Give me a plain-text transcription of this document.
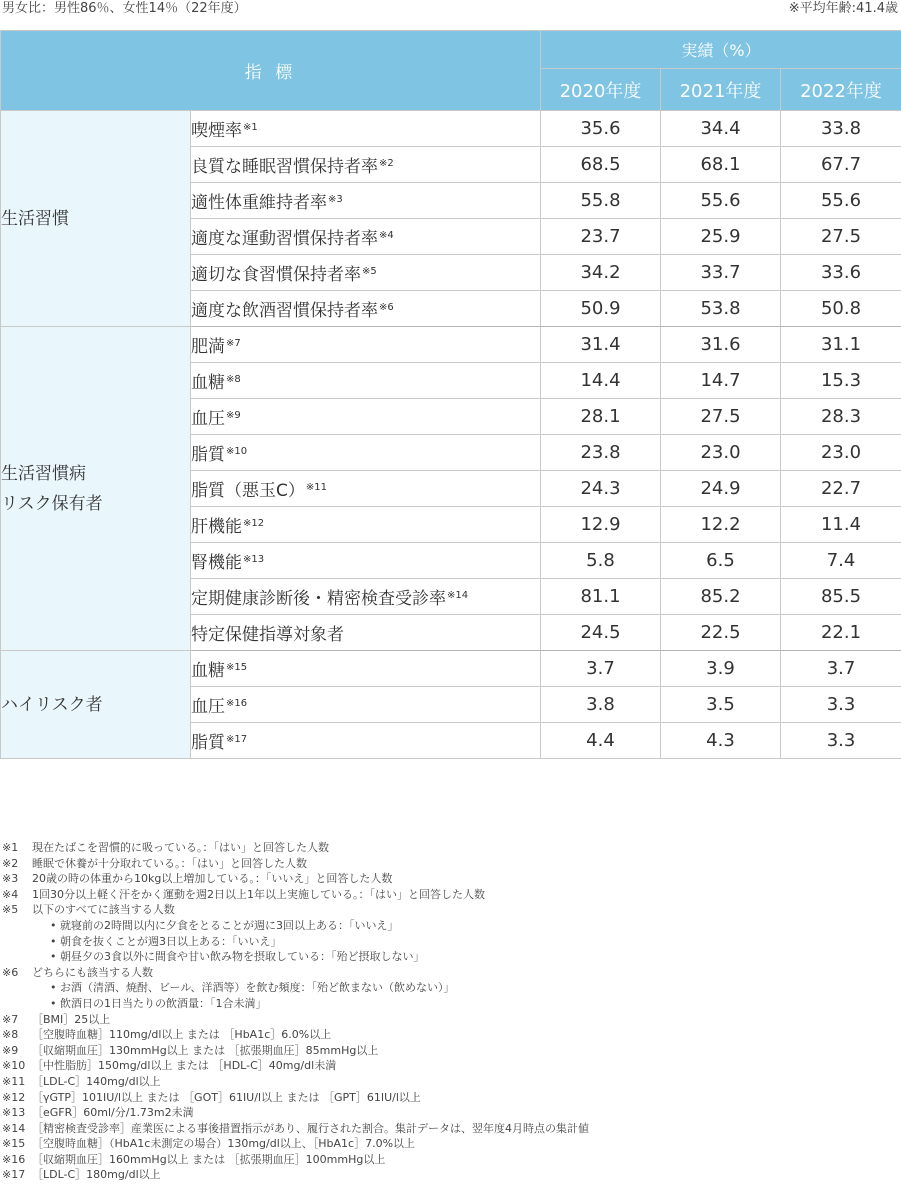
男女比：男性86％、女性14％（22年度）	※平均年齢:41.4歳
指 標		実績（%）		
		2020年度	2021年度	2022年度
生活習慣	喫煙率$^{※1}$	35.6	34.4	33.8
	良質な睡眠習慣保持者率$^{※2}$	68.5	68.1	67.7
	適性体重維持者率$^{※3}$	55.8	55.6	55.6
	適度な運動習慣保持者率$^{※4}$	23.7	25.9	27.5
	適切な食習慣保持者率$^{※5}$	34.2	33.7	33.6
	適度な飲酒習慣保持者率$^{※6}$	50.9	53.8	50.8
生活習慣病
リスク保有者	肥満$^{※7}$	31.4	31.6	31.1
	血糖$^{※8}$	14.4	14.7	15.3
	血圧$^{※9}$	28.1	27.5	28.3
	脂質$^{※10}$	23.8	23.0	23.0
	脂質（悪玉C）$^{※11}$	24.3	24.9	22.7
	肝機能$^{※12}$	12.9	12.2	11.4
	腎機能$^{※13}$	5.8	6.5	7.4
	定期健康診断後・精密検査受診率$^{※14}$	81.1	85.2	85.5
	特定保健指導対象者	24.5	22.5	22.1
ハイリスク者	血糖$^{※15}$	3.7	3.9	3.7
	血圧$^{※16}$	3.8	3.5	3.3
	脂質$^{※17}$	4.4	4.3	3.3
※1 現在たばこを習慣的に吸っている。：「はい」と回答した人数
※2 睡眠で休養が十分取れている。：「はい」と回答した人数
※3 20歳の時の体重から10kg以上増加している。：「いいえ」と回答した人数
※4 1回30分以上軽く汗をかく運動を週2日以上1年以上実施している。：「はい」と回答した人数
※5 以下のすべてに該当する人数
• 就寝前の2時間以内に夕食をとることが週に3回以上ある：「いいえ」
• 朝食を抜くことが週3日以上ある：「いいえ」
• 朝昼夕の3食以外に間食や甘い飲み物を摂取している：「殆ど摂取しない」
※6 どちらにも該当する人数
• お酒（清酒、焼酎、ビール、洋酒等）を飲む頻度：「殆ど飲まない（飲めない）」
• 飲酒日の1日当たりの飲酒量：「1合未満」
※7 ［BMI］25以上
※8 ［空腹時血糖］110mg/dl以上 または ［HbA1c］6.0%以上
※9 ［収縮期血圧］130mmHg以上 または ［拡張期血圧］85mmHg以上
※10 ［中性脂肪］150mg/dl以上 または ［HDL-C］40mg/dl未満
※11 ［LDL-C］140mg/dl以上
※12 ［γGTP］101IU/l以上 または ［GOT］61IU/l以上 または ［GPT］61IU/l以上
※13 ［eGFR］60ml/分/1.73m2未満
※14 ［精密検査受診率］産業医による事後措置指示があり、履行された割合。集計データは、翌年度4月時点の集計値
※15 ［空腹時血糖］（HbA1c未測定の場合）130mg/dl以上、［HbA1c］7.0%以上
※16 ［収縮期血圧］160mmHg以上 または ［拡張期血圧］100mmHg以上
※17 ［LDL-C］180mg/dl以上
